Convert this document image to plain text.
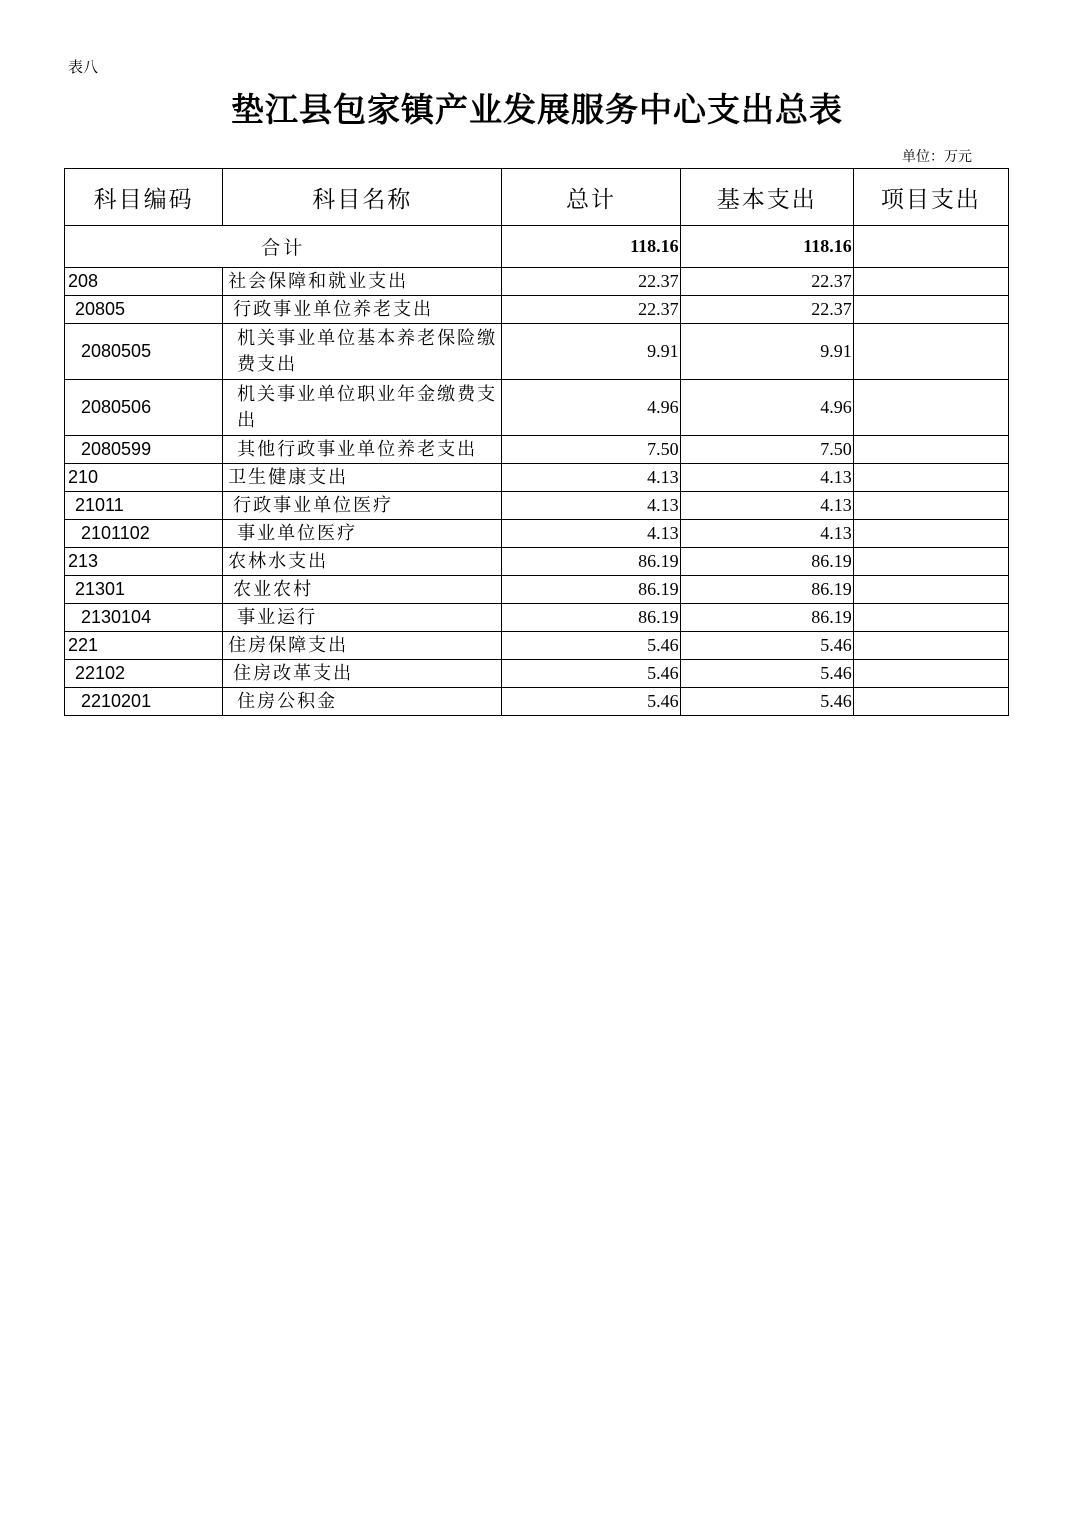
表八
垫江县包家镇产业发展服务中心支出总表
单位：万元
科目编码	科目名称	总计	基本支出	项目支出
合计		118.16	118.16	
208	社会保障和就业支出	22.37	22.37	
20805	行政事业单位养老支出	22.37	22.37	
2080505	机关事业单位基本养老保险缴费支出	9.91	9.91	
2080506	机关事业单位职业年金缴费支出	4.96	4.96	
2080599	其他行政事业单位养老支出	7.50	7.50	
210	卫生健康支出	4.13	4.13	
21011	行政事业单位医疗	4.13	4.13	
2101102	事业单位医疗	4.13	4.13	
213	农林水支出	86.19	86.19	
21301	农业农村	86.19	86.19	
2130104	事业运行	86.19	86.19	
221	住房保障支出	5.46	5.46	
22102	住房改革支出	5.46	5.46	
2210201	住房公积金	5.46	5.46	
